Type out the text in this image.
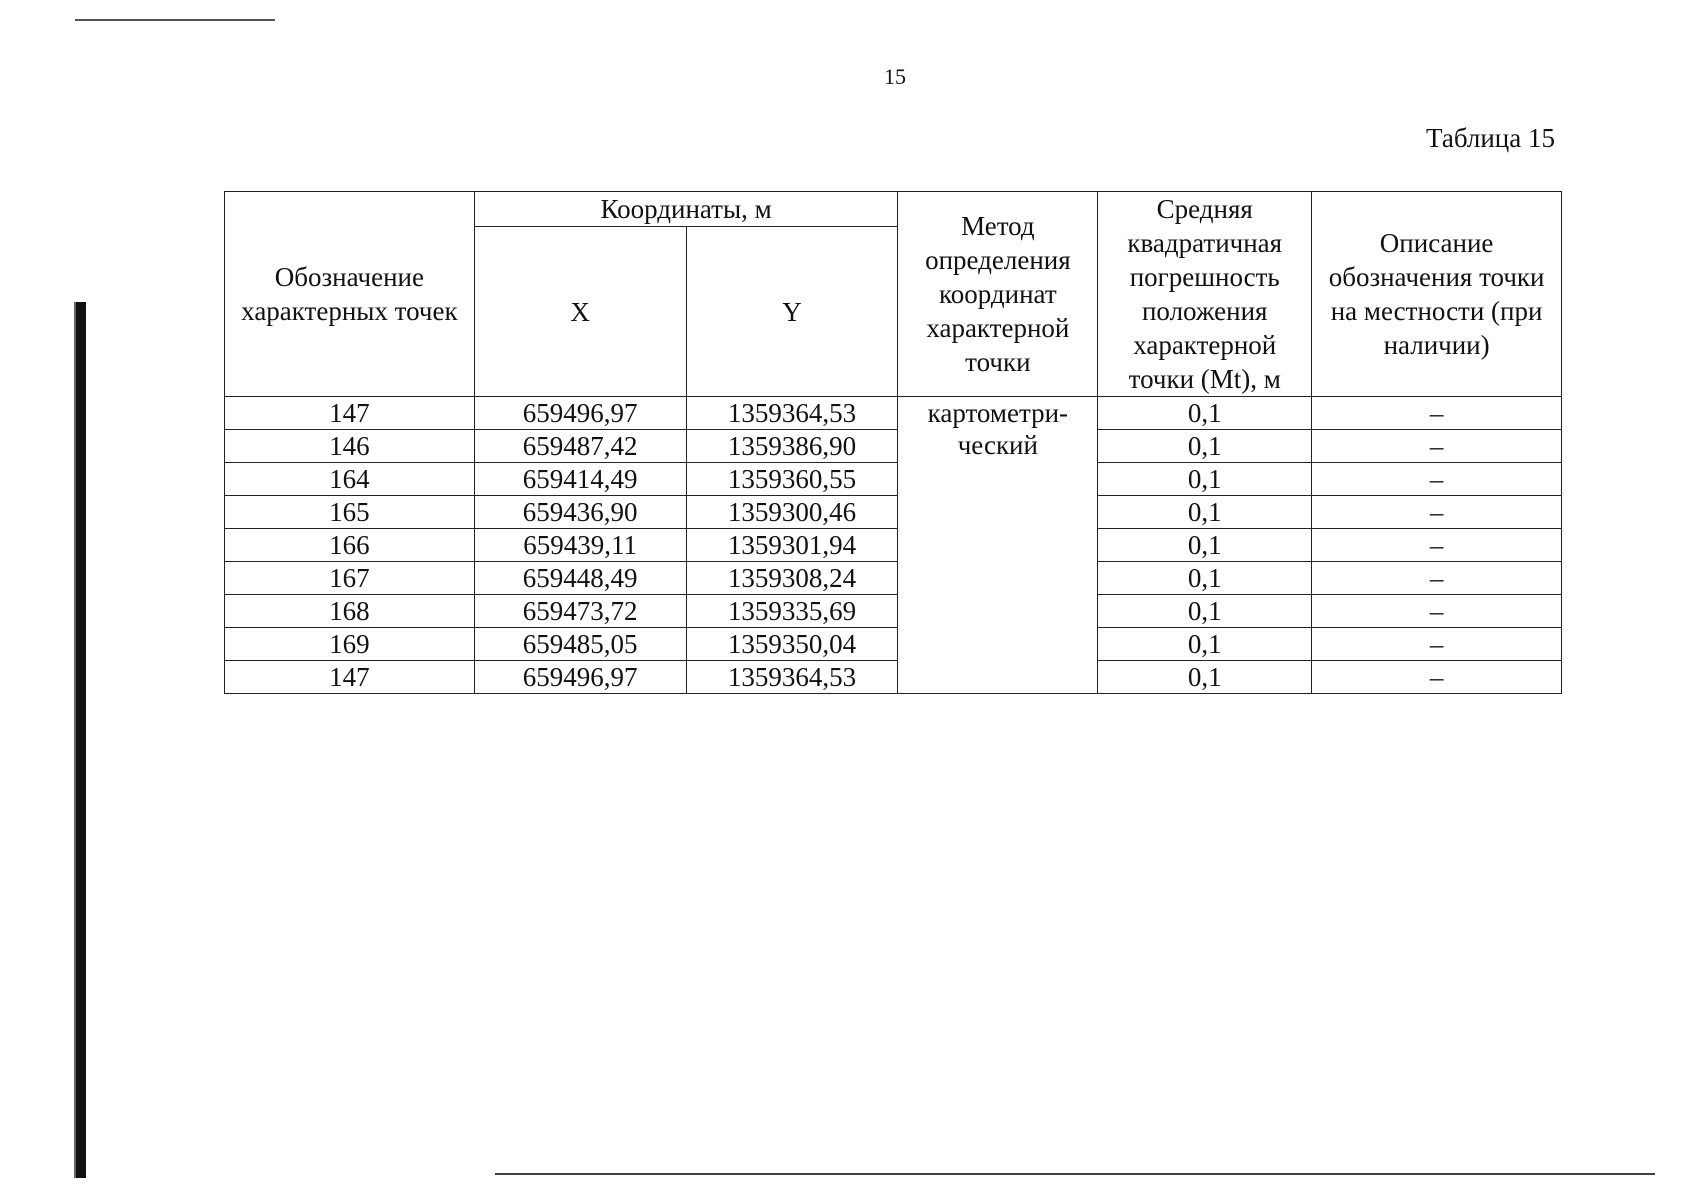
15
Таблица 15
Обозначение характерных точек	Координаты, м		Метод определения координат характерной точки	Средняя квадратичная погрешность положения характерной точки (Mt), м	Описание обозначения точки на местности (при наличии)
	X	Y			
147	659496,97	1359364,53	картометри-ческий	0,1	–
146	659487,42	1359386,90		0,1	–
164	659414,49	1359360,55		0,1	–
165	659436,90	1359300,46		0,1	–
166	659439,11	1359301,94		0,1	–
167	659448,49	1359308,24		0,1	–
168	659473,72	1359335,69		0,1	–
169	659485,05	1359350,04		0,1	–
147	659496,97	1359364,53		0,1	–
